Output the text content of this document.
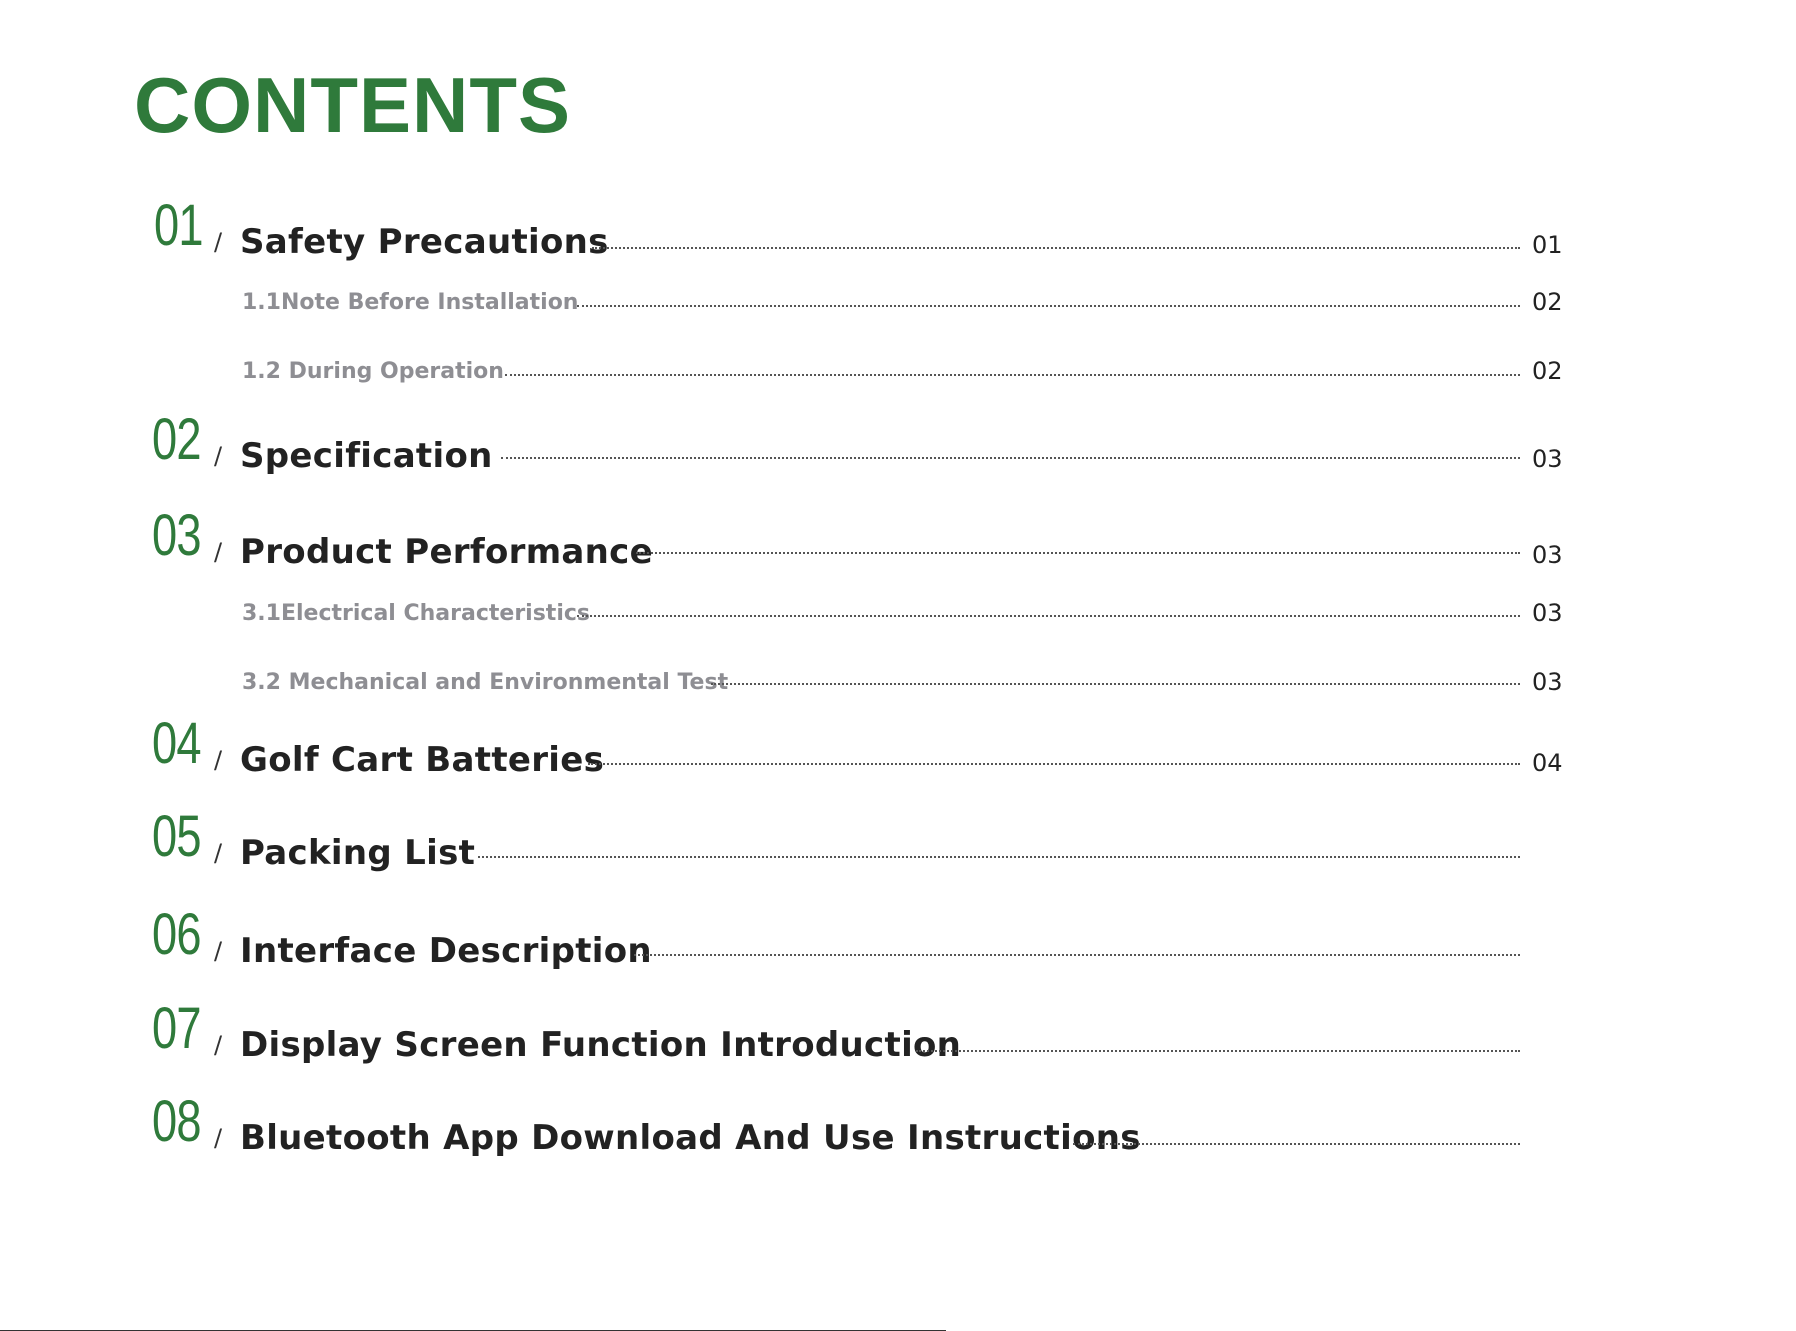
CONTENTS
01 / Safety Precautions	01
1.1Note Before Installation	02
1.2 During Operation	02
02 / Specification	03
03 / Product Performance	03
3.1Electrical Characteristics	03
3.2 Mechanical and Environmental Test	03
04 / Golf Cart Batteries	04
05 / Packing List
06 / Interface Description
07 / Display Screen Function Introduction
08 / Bluetooth App Download And Use Instructions
